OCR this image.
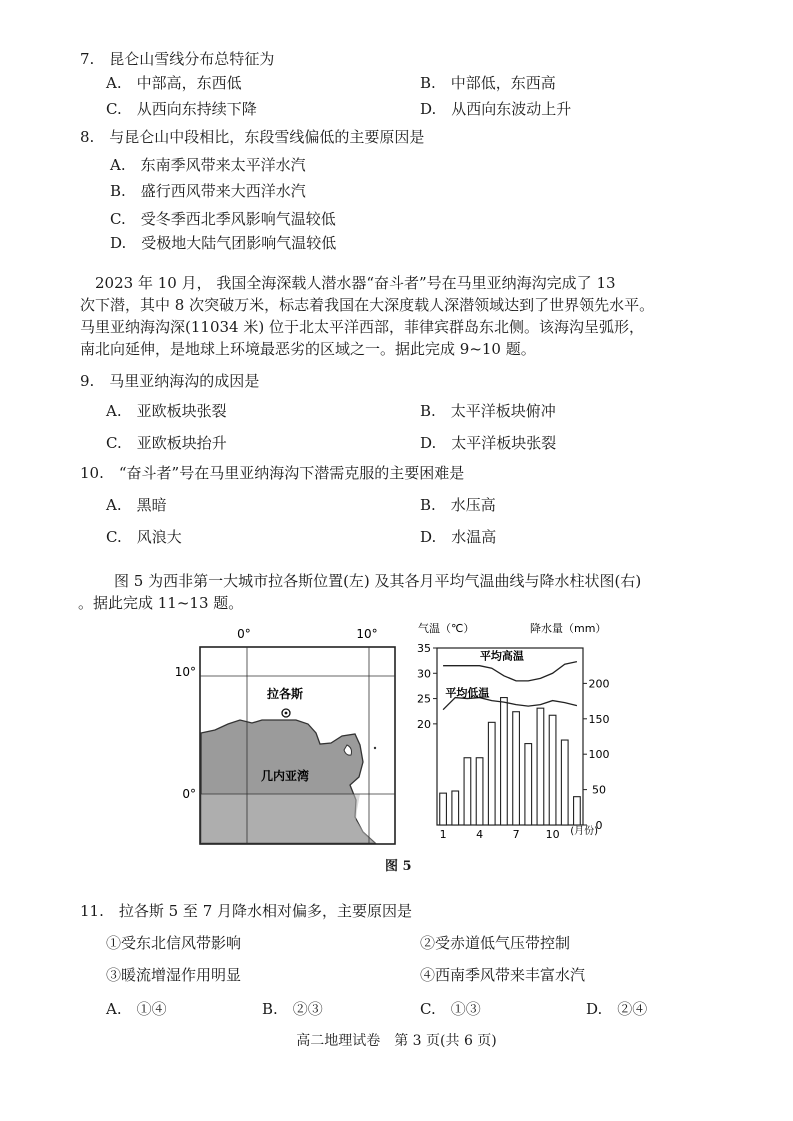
7.　昆仑山雪线分布总特征为
A.　中部高，东西低	B.　中部低，东西高
C.　从西向东持续下降	D.　从西向东波动上升
8.　与昆仑山中段相比，东段雪线偏低的主要原因是
A.　东南季风带来太平洋水汽
B.　盛行西风带来大西洋水汽
C.　受冬季西北季风影响气温较低
D.　受极地大陆气团影响气温较低
　2023 年 10 月， 我国全海深载人潜水器“奋斗者”号在马里亚纳海沟完成了 13
次下潜，其中 8 次突破万米，标志着我国在大深度载人深潜领域达到了世界领先水平。
马里亚纳海沟深(11034 米) 位于北太平洋西部，菲律宾群岛东北侧。该海沟呈弧形，
南北向延伸，是地球上环境最恶劣的区域之一。据此完成 9~10 题。
9.　马里亚纳海沟的成因是
A.　亚欧板块张裂	B.　太平洋板块俯冲
C.　亚欧板块抬升	D.　太平洋板块张裂
10.　“奋斗者”号在马里亚纳海沟下潜需克服的主要困难是
A.　黑暗	B.　水压高
C.　风浪大	D.　水温高
　　图 5 为西非第一大城市拉各斯位置(左) 及其各月平均气温曲线与降水柱状图(右)
。据此完成 11~13 题。
0°	10°
10°
0°
拉各斯
几内亚湾
气温（℃）	降水量（mm）
(月份)
35
30
25
20
200
150
100
50
0
1	4	7 10
平均高温
平均低温
图 5
11.　拉各斯 5 至 7 月降水相对偏多，主要原因是
①受东北信风带影响	②受赤道低气压带控制
③暖流增湿作用明显	④西南季风带来丰富水汽
A.　①④	B.　②③	C.　①③	D.　②④
高二地理试卷　第 3 页(共 6 页)
